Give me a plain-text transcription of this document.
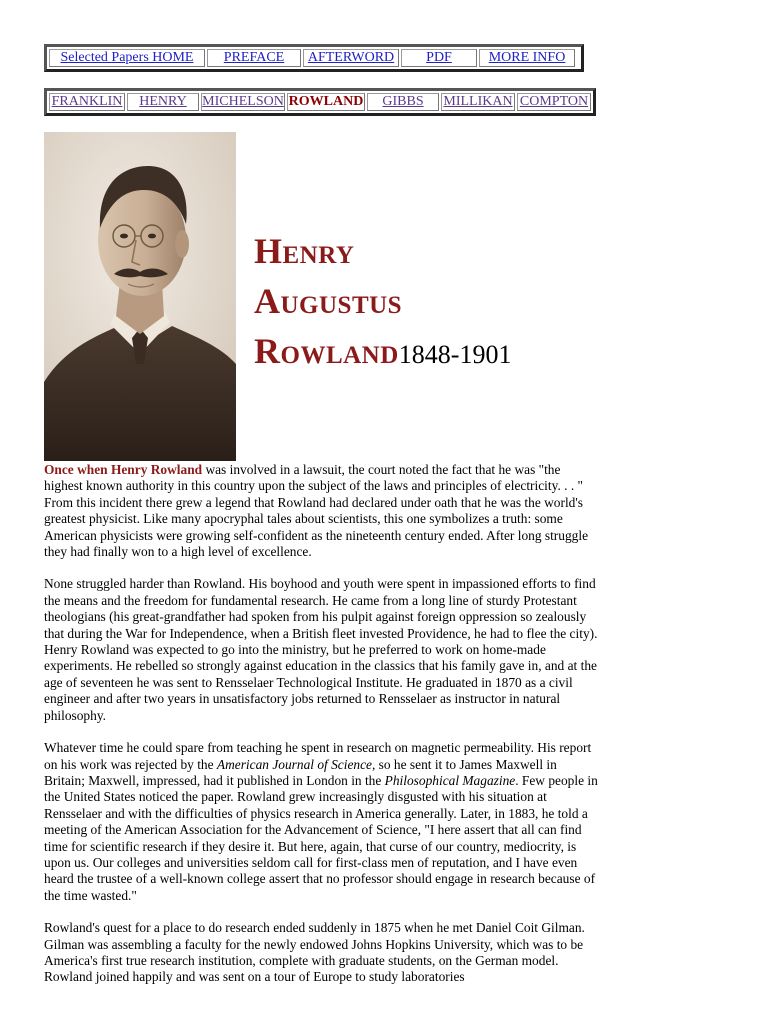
Selected Papers HOME PREFACE AFTERWORD PDF	MORE INFO
FRANKLIN HENRY MICHELSON ROWLAND GIBBS MILLIKAN COMPTON
Henry
Augustus
Rowland1848-1901

Once when Henry Rowland was involved in a lawsuit, the court noted the fact that he was "the highest known authority in this country upon the subject of the laws and principles of electricity. . . " From this incident there grew a legend that Rowland had declared under oath that he was the world's greatest physicist. Like many apocryphal tales about scientists, this one symbolizes a truth: some American physicists were growing self-confident as the nineteenth century ended. After long struggle they had finally won to a high level of excellence.

None struggled harder than Rowland. His boyhood and youth were spent in impassioned efforts to find the means and the freedom for fundamental research. He came from a long line of sturdy Protestant theologians (his great-grandfather had spoken from his pulpit against foreign oppression so zealously that during the War for Independence, when a British fleet invested Providence, he had to flee the city). Henry Rowland was expected to go into the ministry, but he preferred to work on home-made experiments. He rebelled so strongly against education in the classics that his family gave in, and at the age of seventeen he was sent to Rensselaer Technological Institute. He graduated in 1870 as a civil engineer and after two years in unsatisfactory jobs returned to Rensselaer as instructor in natural philosophy.

Whatever time he could spare from teaching he spent in research on magnetic permeability. His report on his work was rejected by the American Journal of Science, so he sent it to James Maxwell in Britain; Maxwell, impressed, had it published in London in the Philosophical Magazine. Few people in the United States noticed the paper. Rowland grew increasingly disgusted with his situation at Rensselaer and with the difficulties of physics research in America generally. Later, in 1883, he told a meeting of the American Association for the Advancement of Science, "I here assert that all can find time for scientific research if they desire it. But here, again, that curse of our country, mediocrity, is upon us. Our colleges and universities seldom call for first-class men of reputation, and I have even heard the trustee of a well-known college assert that no professor should engage in research because of the time wasted."

Rowland's quest for a place to do research ended suddenly in 1875 when he met Daniel Coit Gilman. Gilman was assembling a faculty for the newly endowed Johns Hopkins University, which was to be America's first true research institution, complete with graduate students, on the German model. Rowland joined happily and was sent on a tour of Europe to study laboratories
